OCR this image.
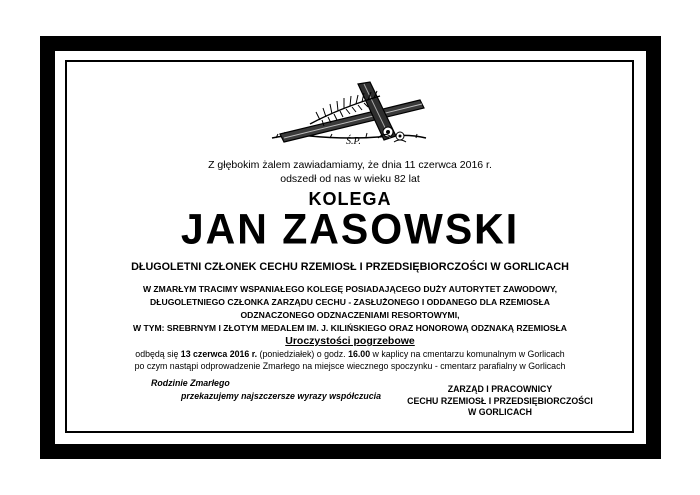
Ś.P.
Z głębokim żalem zawiadamiamy, że dnia 11 czerwca 2016 r.
odszedł od nas w wieku 82 lat
KOLEGA
JAN ZASOWSKI
DŁUGOLETNI CZŁONEK CECHU RZEMIOSŁ I PRZEDSIĘBIORCZOŚCI W GORLICACH
W ZMARŁYM TRACIMY WSPANIAŁEGO KOLEGĘ POSIADAJĄCEGO DUŻY AUTORYTET ZAWODOWY,
DŁUGOLETNIEGO CZŁONKA ZARZĄDU CECHU - ZASŁUŻONEGO I ODDANEGO DLA RZEMIOSŁA
ODZNACZONEGO ODZNACZENIAMI RESORTOWYMI,
W TYM: SREBRNYM I ZŁOTYM MEDALEM IM. J. KILIŃSKIEGO ORAZ HONOROWĄ ODZNAKĄ RZEMIOSŁA
Uroczystości pogrzebowe
odbędą się 13 czerwca 2016 r. (poniedziałek) o godz. 16.00 w kaplicy na cmentarzu komunalnym w Gorlicach
po czym nastąpi odprowadzenie Zmarłego na miejsce wiecznego spoczynku - cmentarz parafialny w Gorlicach
Rodzinie Zmarłego
przekazujemy najszczersze wyrazy współczucia
ZARZĄD I PRACOWNICY
CECHU RZEMIOSŁ I PRZEDSIĘBIORCZOŚCI
W GORLICACH
